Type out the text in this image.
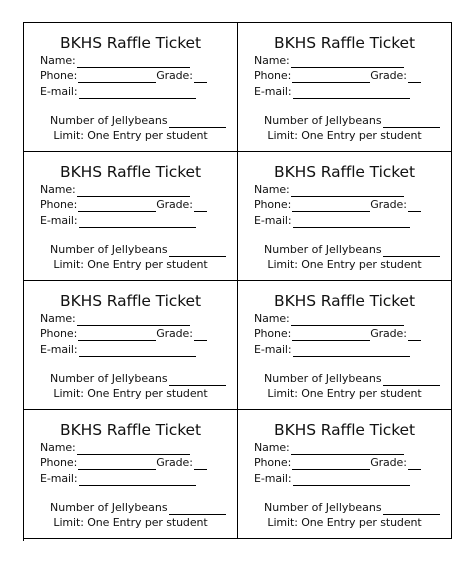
BKHS Raffle Ticket
Name:
Phone:	Grade:
E-mail:
Number of Jellybeans
Limit: One Entry per student
BKHS Raffle Ticket
Name:
Phone:	Grade:
E-mail:
Number of Jellybeans
Limit: One Entry per student
BKHS Raffle Ticket
Name:
Phone:	Grade:
E-mail:
Number of Jellybeans
Limit: One Entry per student
BKHS Raffle Ticket
Name:
Phone:	Grade:
E-mail:
Number of Jellybeans
Limit: One Entry per student
BKHS Raffle Ticket
Name:
Phone:	Grade:
E-mail:
Number of Jellybeans
Limit: One Entry per student
BKHS Raffle Ticket
Name:
Phone:	Grade:
E-mail:
Number of Jellybeans
Limit: One Entry per student
BKHS Raffle Ticket
Name:
Phone:	Grade:
E-mail:
Number of Jellybeans
Limit: One Entry per student
BKHS Raffle Ticket
Name:
Phone:	Grade:
E-mail:
Number of Jellybeans
Limit: One Entry per student
